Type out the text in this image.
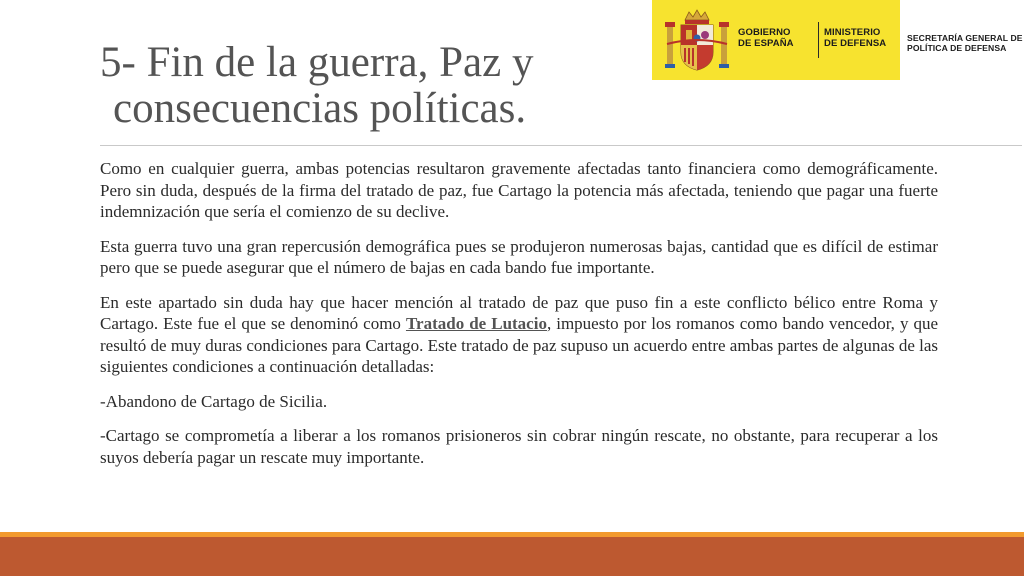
GOBIERNO
DE ESPAÑA
MINISTERIO
DE DEFENSA SECRETARÍA GENERAL DE
POLÍTICA DE DEFENSA
5- Fin de la guerra, Paz y
consecuencias políticas.

Como en cualquier guerra, ambas potencias resultaron gravemente afectadas tanto financiera como demográficamente. Pero sin duda, después de la firma del tratado de paz, fue Cartago la potencia más afectada, teniendo que pagar una fuerte indemnización que sería el comienzo de su declive.

Esta guerra tuvo una gran repercusión demográfica pues se produjeron numerosas bajas, cantidad que es difícil de estimar pero que se puede asegurar que el número de bajas en cada bando fue importante.

En este apartado sin duda hay que hacer mención al tratado de paz que puso fin a este conflicto bélico entre Roma y Cartago. Este fue el que se denominó como Tratado de Lutacio, impuesto por los romanos como bando vencedor, y que resultó de muy duras condiciones para Cartago. Este tratado de paz supuso un acuerdo entre ambas partes de algunas de las siguientes condiciones a continuación detalladas:

-Abandono de Cartago de Sicilia.

-Cartago se comprometía a liberar a los romanos prisioneros sin cobrar ningún rescate, no obstante, para recuperar a los suyos debería pagar un rescate muy importante.
